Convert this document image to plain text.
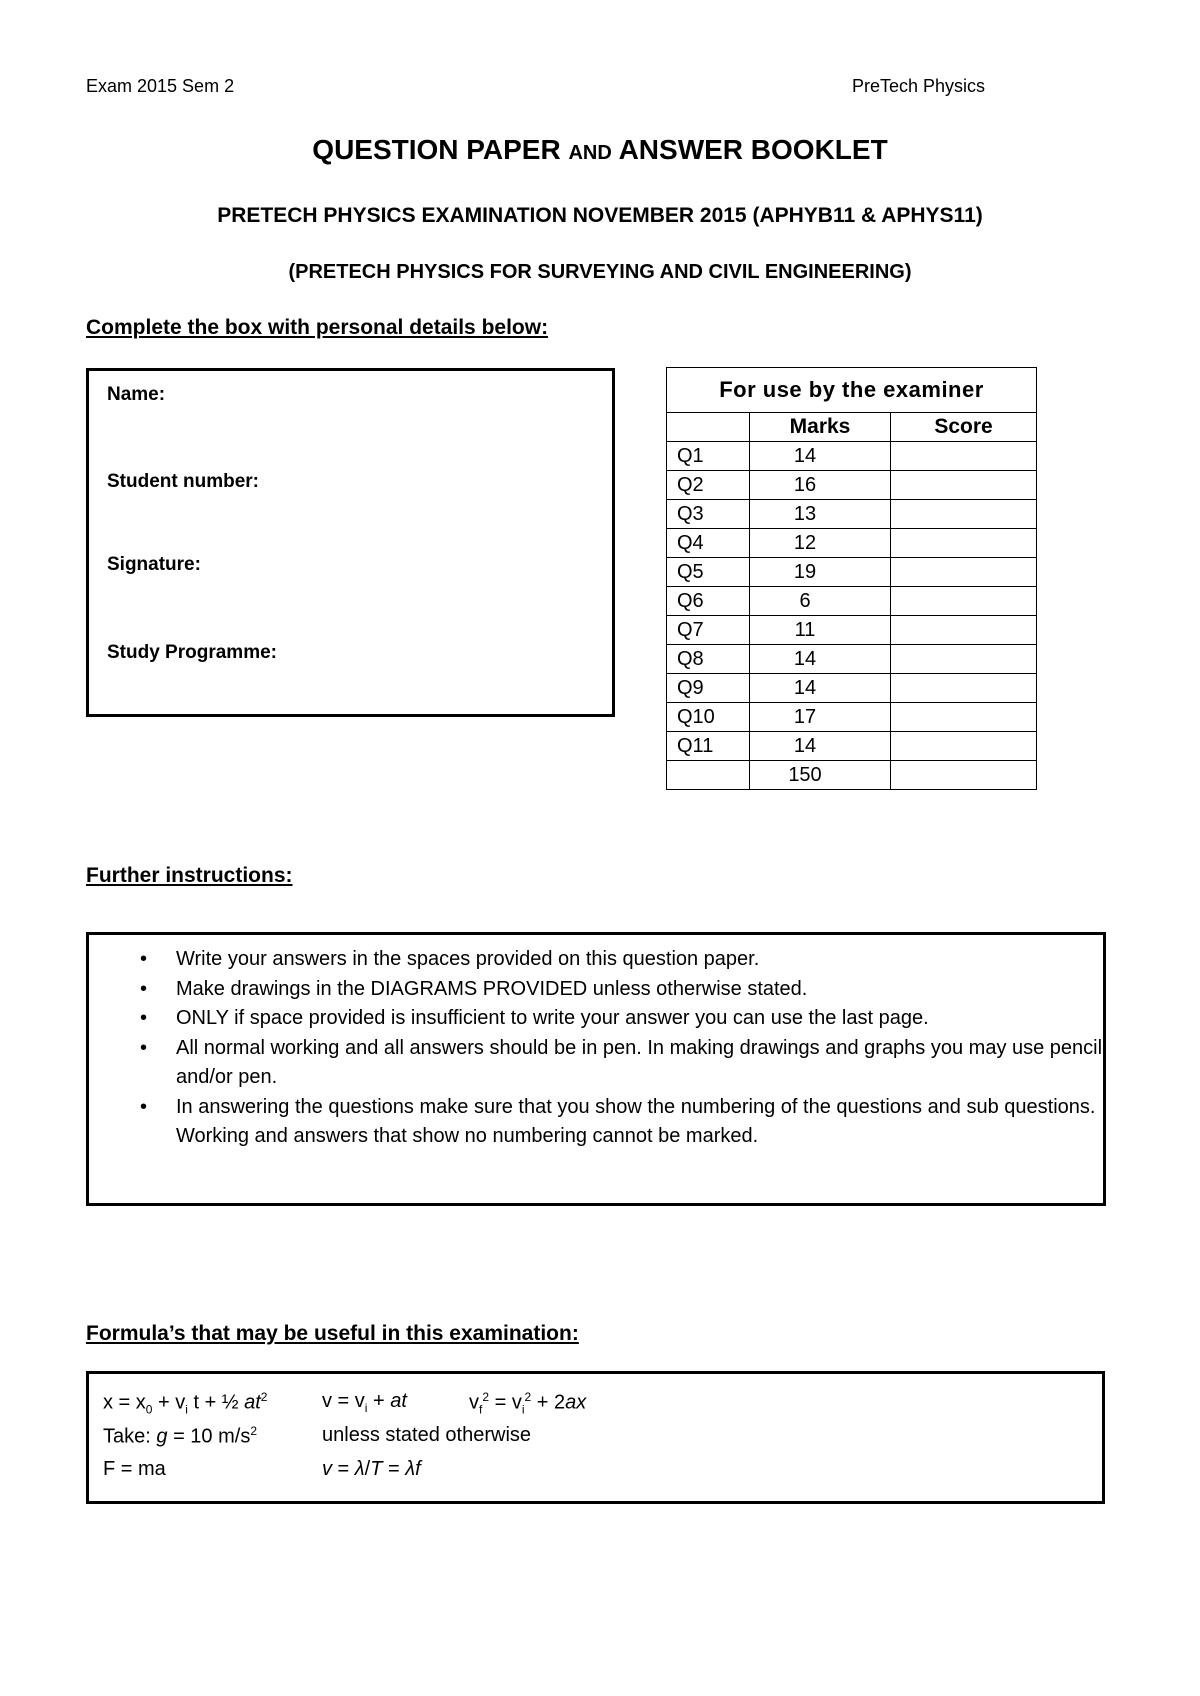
Exam 2015 Sem 2	PreTech Physics
QUESTION PAPER AND ANSWER BOOKLET
PRETECH PHYSICS EXAMINATION NOVEMBER 2015 (APHYB11 & APHYS11)
(PRETECH PHYSICS FOR SURVEYING AND CIVIL ENGINEERING)
Complete the box with personal details below:
Name:
Student number:
Signature:
Study Programme:
For use by the examiner		
	Marks	Score
Q1	14	
Q2	16	
Q3	13	
Q4	12	
Q5	19	
Q6	6	
Q7	11	
Q8	14	
Q9	14	
Q10	17	
Q11	14	
	150	
Further instructions:
• Write your answers in the spaces provided on this question paper.
• Make drawings in the DIAGRAMS PROVIDED unless otherwise stated.
• ONLY if space provided is insufficient to write your answer you can use the last page.
• All normal working and all answers should be in pen. In making drawings and graphs you may use pencil and/or pen.
• In answering the questions make sure that you show the numbering of the questions and sub questions. Working and answers that show no numbering cannot be marked.
Formula’s that may be useful in this examination:
$x = x_0 + v_i$ t + ½ $at^2$	$v = v_i$ + at	$v_f^2 = v_i^2 + 2ax$
Take: g = 10 $m/s^2$	unless stated otherwise
F = ma	v = λ/T = λf
